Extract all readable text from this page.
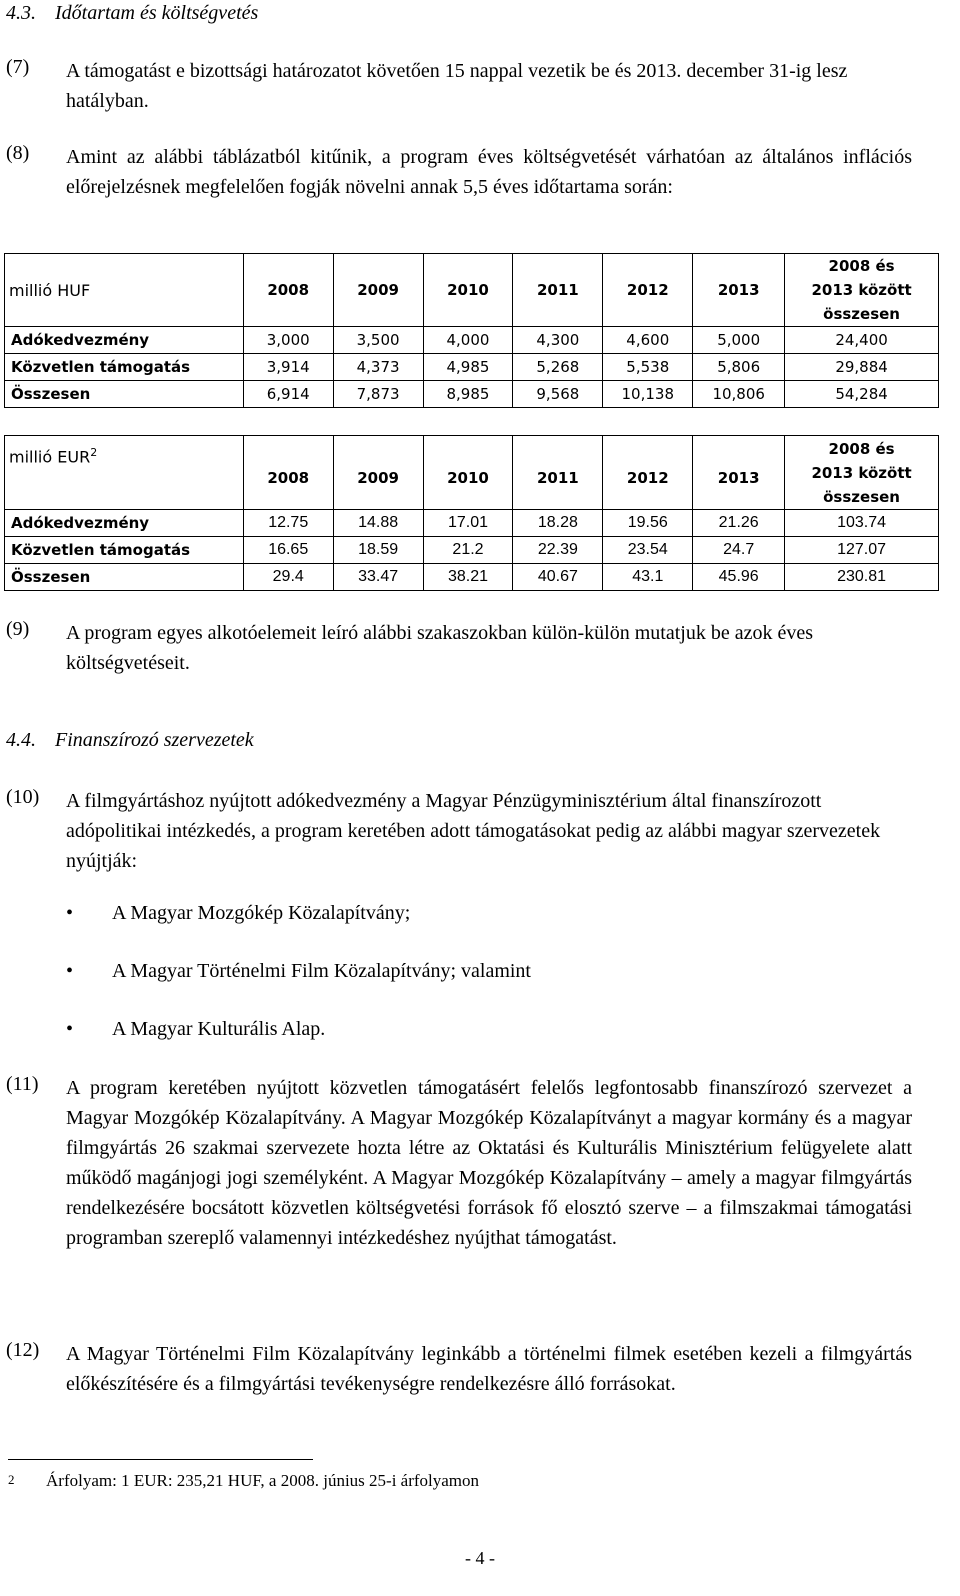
4.3. Időtartam és költségvetés
(7) A támogatást e bizottsági határozatot követően 15 nappal vezetik be és 2013. december 31-ig lesz hatályban.
(8) Amint az alábbi táblázatból kitűnik, a program éves költségvetését várhatóan az általános inflációs előrejelzésnek megfelelően fogják növelni annak 5,5 éves időtartama során:
millió HUF	2008	2009	2010	2011	2012	2013	2008 és
2013 között
összesen

Adókedvezmény	3,000	3,500	4,000	4,300	4,600	5,000	24,400
Közvetlen támogatás	3,914	4,373	4,985	5,268	5,538	5,806	29,884
Összesen	6,914	7,873	8,985	9,568	10,138	10,806	54,284
millió EUR$^2$	2008	2009	2010	2011	2012	2013	2008 és
2013 között
összesen

Adókedvezmény	12.75	14.88	17.01	18.28	19.56	21.26	103.74
Közvetlen támogatás	16.65	18.59	21.2	22.39	23.54	24.7	127.07
Összesen	29.4	33.47	38.21	40.67	43.1	45.96	230.81
(9) A program egyes alkotóelemeit leíró alábbi szakaszokban külön-külön mutatjuk be azok éves költségvetéseit.
4.4. Finanszírozó szervezetek
(10) A filmgyártáshoz nyújtott adókedvezmény a Magyar Pénzügyminisztérium által finanszírozott adópolitikai intézkedés, a program keretében adott támogatásokat pedig az alábbi magyar szervezetek nyújtják:
• A Magyar Mozgókép Közalapítvány;
• A Magyar Történelmi Film Közalapítvány; valamint
• A Magyar Kulturális Alap.
(11) A program keretében nyújtott közvetlen támogatásért felelős legfontosabb finanszírozó szervezet a Magyar Mozgókép Közalapítvány. A Magyar Mozgókép Közalapítványt a magyar kormány és a magyar filmgyártás 26 szakmai szervezete hozta létre az Oktatási és Kulturális Minisztérium felügyelete alatt működő magánjogi jogi személyként. A Magyar Mozgókép Közalapítvány – amely a magyar filmgyártás rendelkezésére bocsátott közvetlen költségvetési források fő elosztó szerve – a filmszakmai támogatási programban szereplő valamennyi intézkedéshez nyújthat támogatást.
(12) A Magyar Történelmi Film Közalapítvány leginkább a történelmi filmek esetében kezeli a filmgyártás előkészítésére és a filmgyártási tevékenységre rendelkezésre álló forrásokat.
2 Árfolyam: 1 EUR: 235,21 HUF, a 2008. június 25-i árfolyamon
- 4 -
